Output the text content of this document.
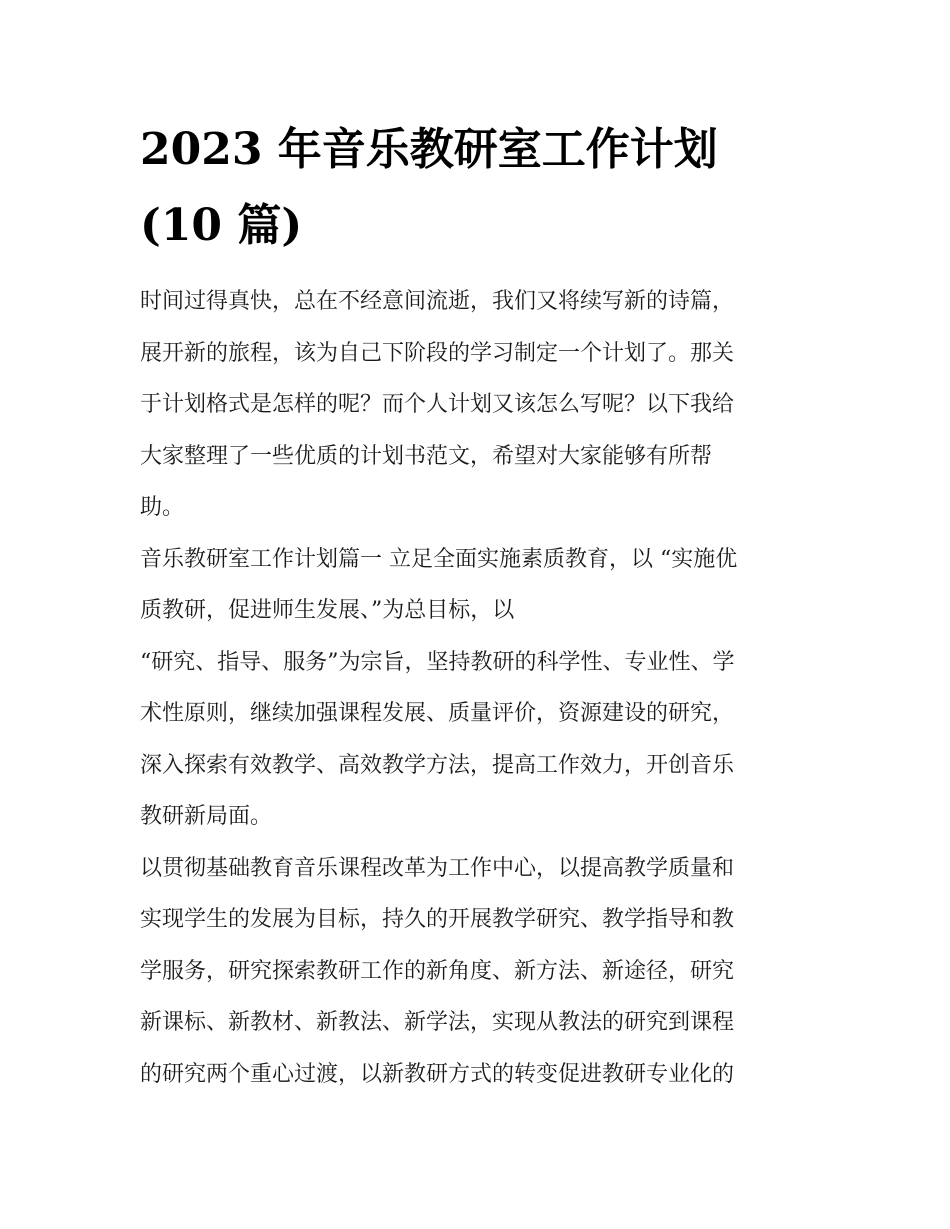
2023 年音乐教研室工作计划
(10 篇)
时间过得真快，总在不经意间流逝，我们又将续写新的诗篇，
展开新的旅程，该为自己下阶段的学习制定一个计划了。那关
于计划格式是怎样的呢？而个人计划又该怎么写呢？以下我给
大家整理了一些优质的计划书范文，希望对大家能够有所帮
助。
音乐教研室工作计划篇一 立足全面实施素质教育，以 “实施优
质教研，促进师生发展、”为总目标，以
“研究、指导、服务”为宗旨，坚持教研的科学性、专业性、学
术性原则，继续加强课程发展、质量评价，资源建设的研究，
深入探索有效教学、高效教学方法，提高工作效力，开创音乐
教研新局面。
以贯彻基础教育音乐课程改革为工作中心，以提高教学质量和
实现学生的发展为目标，持久的开展教学研究、教学指导和教
学服务，研究探索教研工作的新角度、新方法、新途径，研究
新课标、新教材、新教法、新学法，实现从教法的研究到课程
的研究两个重心过渡，以新教研方式的转变促进教研专业化的
